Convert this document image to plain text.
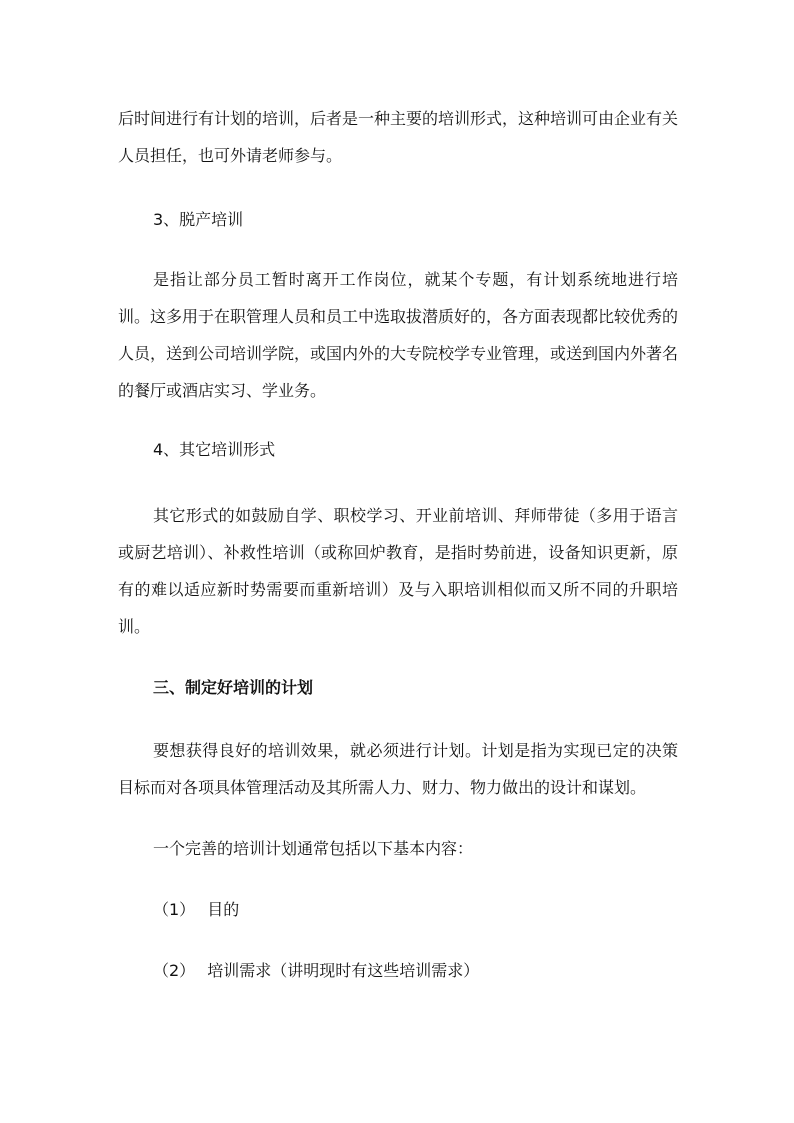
后时间进行有计划的培训，后者是一种主要的培训形式，这种培训可由企业有关人员担任，也可外请老师参与。

3、脱产培训

是指让部分员工暂时离开工作岗位，就某个专题，有计划系统地进行培训。这多用于在职管理人员和员工中选取拔潜质好的，各方面表现都比较优秀的人员，送到公司培训学院，或国内外的大专院校学专业管理，或送到国内外著名的餐厅或酒店实习、学业务。

4、其它培训形式

其它形式的如鼓励自学、职校学习、开业前培训、拜师带徒（多用于语言或厨艺培训）、补救性培训（或称回炉教育，是指时势前进，设备知识更新，原有的难以适应新时势需要而重新培训）及与入职培训相似而又所不同的升职培训。

三、制定好培训的计划

要想获得良好的培训效果，就必须进行计划。计划是指为实现已定的决策目标而对各项具体管理活动及其所需人力、财力、物力做出的设计和谋划。

一个完善的培训计划通常包括以下基本内容：

（1） 目的

（2） 培训需求（讲明现时有这些培训需求）
